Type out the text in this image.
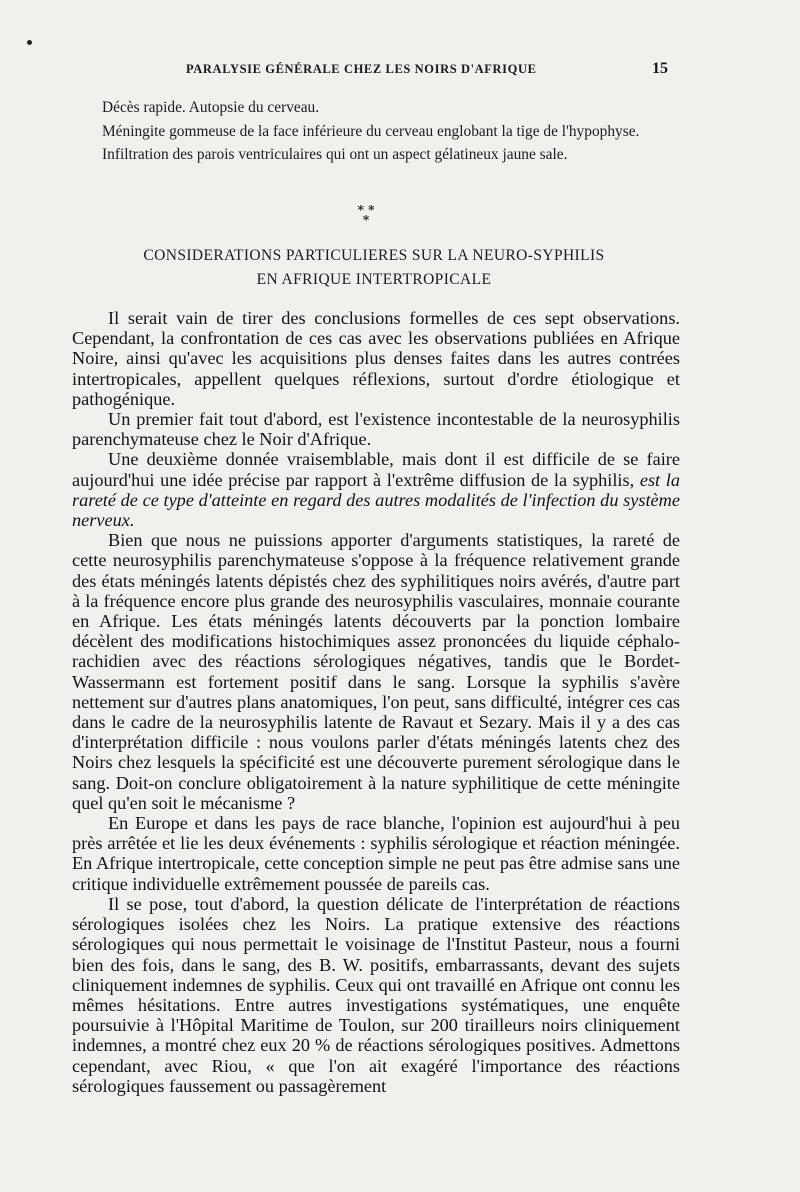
PARALYSIE GÉNÉRALE CHEZ LES NOIRS D'AFRIQUE	15

Décès rapide. Autopsie du cerveau.

Méningite gommeuse de la face inférieure du cerveau englobant la tige de l'hypophyse.

Infiltration des parois ventriculaires qui ont un aspect gélatineux jaune sale.

* * *
CONSIDERATIONS PARTICULIERES SUR LA NEURO-SYPHILIS
EN AFRIQUE INTERTROPICALE

Il serait vain de tirer des conclusions formelles de ces sept observations. Cependant, la confrontation de ces cas avec les observations publiées en Afrique Noire, ainsi qu'avec les acquisitions plus denses faites dans les autres contrées intertropicales, appellent quelques réflexions, surtout d'ordre étiologique et pathogénique.

Un premier fait tout d'abord, est l'existence incontestable de la neurosyphilis parenchymateuse chez le Noir d'Afrique.

Une deuxième donnée vraisemblable, mais dont il est difficile de se faire aujourd'hui une idée précise par rapport à l'extrême diffusion de la syphilis, est la rareté de ce type d'atteinte en regard des autres modalités de l'infection du système nerveux.

Bien que nous ne puissions apporter d'arguments statistiques, la rareté de cette neurosyphilis parenchymateuse s'oppose à la fréquence relativement grande des états méningés latents dépistés chez des syphilitiques noirs avérés, d'autre part à la fréquence encore plus grande des neurosyphilis vasculaires, monnaie courante en Afrique. Les états méningés latents découverts par la ponction lombaire décèlent des modifications histochimiques assez prononcées du liquide céphalo-rachidien avec des réactions sérologiques négatives, tandis que le Bordet-Wassermann est fortement positif dans le sang. Lorsque la syphilis s'avère nettement sur d'autres plans anatomiques, l'on peut, sans difficulté, intégrer ces cas dans le cadre de la neurosyphilis latente de Ravaut et Sezary. Mais il y a des cas d'interprétation difficile : nous voulons parler d'états méningés latents chez des Noirs chez lesquels la spécificité est une découverte purement sérologique dans le sang. Doit-on conclure obligatoirement à la nature syphilitique de cette méningite quel qu'en soit le mécanisme ?

En Europe et dans les pays de race blanche, l'opinion est aujourd'hui à peu près arrêtée et lie les deux événements : syphilis sérologique et réaction méningée. En Afrique intertropicale, cette conception simple ne peut pas être admise sans une critique individuelle extrêmement poussée de pareils cas.

Il se pose, tout d'abord, la question délicate de l'interprétation de réactions sérologiques isolées chez les Noirs. La pratique extensive des réactions sérologiques qui nous permettait le voisinage de l'Institut Pasteur, nous a fourni bien des fois, dans le sang, des B. W. positifs, embarrassants, devant des sujets cliniquement indemnes de syphilis. Ceux qui ont travaillé en Afrique ont connu les mêmes hésitations. Entre autres investigations systématiques, une enquête poursuivie à l'Hôpital Maritime de Toulon, sur 200 tirailleurs noirs cliniquement indemnes, a montré chez eux 20 % de réactions sérologiques positives. Admettons cependant, avec Riou, « que l'on ait exagéré l'importance des réactions sérologiques faussement ou passagèrement
